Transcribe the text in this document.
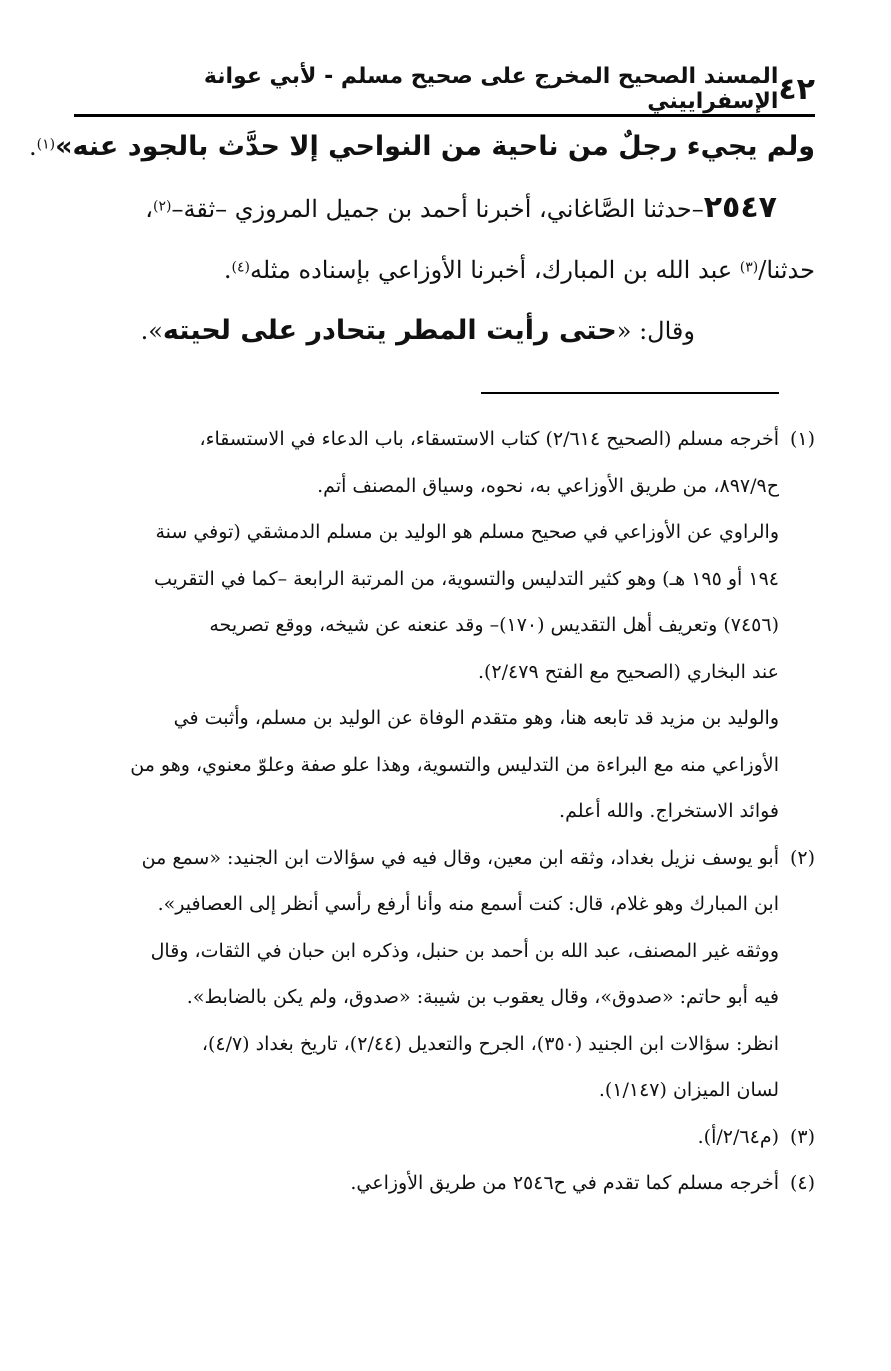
٤٢
المسند الصحيح المخرج على صحيح مسلم - لأبي عوانة الإسفراييني
ولم يجيء رجلٌ من ناحية من النواحي إلا حدَّث بالجود عنه»$^{(١)}$.
٢٥٤٧–حدثنا الصَّاغاني، أخبرنا أحمد بن جميل المروزي –ثقة–$^{(٢)}$،
حدثنا/$^{(٣)}$ عبد الله بن المبارك، أخبرنا الأوزاعي بإسناده مثله$^{(٤)}$.
وقال: «حتى رأيت المطر يتحادر على لحيته».
(١)أخرجه مسلم (الصحيح ٢/٦١٤) كتاب الاستسقاء، باب الدعاء في الاستسقاء،
ح٨٩٧/٩، من طريق الأوزاعي به، نحوه، وسياق المصنف أتم.
والراوي عن الأوزاعي في صحيح مسلم هو الوليد بن مسلم الدمشقي (توفي سنة
١٩٤ أو ١٩٥ هـ) وهو كثير التدليس والتسوية، من المرتبة الرابعة –كما في التقريب
(٧٤٥٦) وتعريف أهل التقديس (١٧٠)– وقد عنعنه عن شيخه، ووقع تصريحه
عند البخاري (الصحيح مع الفتح ٢/٤٧٩).
والوليد بن مزيد قد تابعه هنا، وهو متقدم الوفاة عن الوليد بن مسلم، وأثبت في
الأوزاعي منه مع البراءة من التدليس والتسوية، وهذا علو صفة وعلوّ معنوي، وهو من
فوائد الاستخراج. والله أعلم.
(٢)أبو يوسف نزيل بغداد، وثقه ابن معين، وقال فيه في سؤالات ابن الجنيد: «سمع من
ابن المبارك وهو غلام، قال: كنت أسمع منه وأنا أرفع رأسي أنظر إلى العصافير».
ووثقه غير المصنف، عبد الله بن أحمد بن حنبل، وذكره ابن حبان في الثقات، وقال
فيه أبو حاتم: «صدوق»، وقال يعقوب بن شيبة: «صدوق، ولم يكن بالضابط».
انظر: سؤالات ابن الجنيد (٣٥٠)، الجرح والتعديل (٢/٤٤)، تاريخ بغداد (٤/٧)،
لسان الميزان (١/١٤٧).
(٣)(م٢/٦٤/أ).
(٤)أخرجه مسلم كما تقدم في ح٢٥٤٦ من طريق الأوزاعي.
